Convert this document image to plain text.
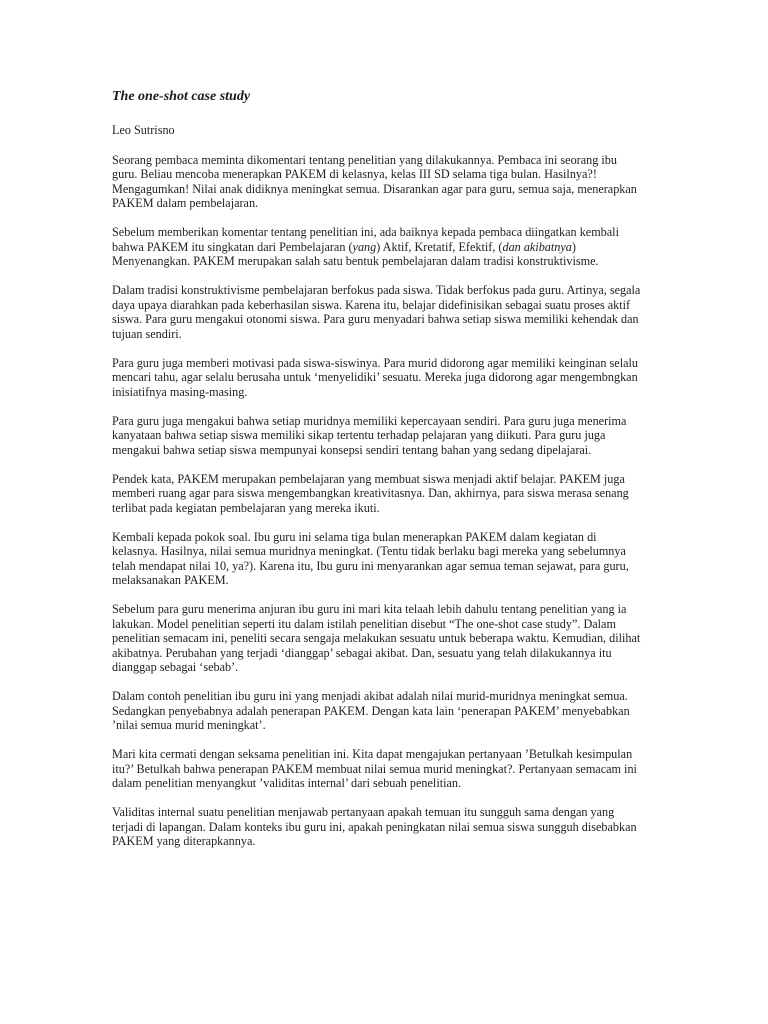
The one-shot case study
Leo Sutrisno

Seorang pembaca meminta dikomentari tentang penelitian yang dilakukannya. Pembaca ini seorang ibu guru. Beliau mencoba menerapkan PAKEM di kelasnya, kelas III SD selama tiga bulan. Hasilnya?! Mengagumkan! Nilai anak didiknya meningkat semua. Disarankan agar para guru, semua saja, menerapkan PAKEM dalam pembelajaran.

Sebelum memberikan komentar tentang penelitian ini, ada baiknya kepada pembaca diingatkan kembali bahwa PAKEM itu singkatan dari Pembelajaran (yang) Aktif, Kretatif, Efektif, (dan akibatnya) Menyenangkan. PAKEM merupakan salah satu bentuk pembelajaran dalam tradisi konstruktivisme.

Dalam tradisi konstruktivisme pembelajaran berfokus pada siswa. Tidak berfokus pada guru. Artinya, segala daya upaya diarahkan pada keberhasilan siswa. Karena itu, belajar didefinisikan sebagai suatu proses aktif siswa. Para guru mengakui otonomi siswa. Para guru menyadari bahwa setiap siswa memiliki kehendak dan tujuan sendiri.

Para guru juga memberi motivasi pada siswa-siswinya. Para murid didorong agar memiliki keinginan selalu mencari tahu, agar selalu berusaha untuk ‘menyelidiki’ sesuatu. Mereka juga didorong agar mengembngkan inisiatifnya masing-masing.

Para guru juga mengakui bahwa setiap muridnya memiliki kepercayaan sendiri. Para guru juga menerima kanyataan bahwa setiap siswa memiliki sikap tertentu terhadap pelajaran yang diikuti. Para guru juga mengakui bahwa setiap siswa mempunyai konsepsi sendiri tentang bahan yang sedang dipelajarai.

Pendek kata, PAKEM merupakan pembelajaran yang membuat siswa menjadi aktif belajar. PAKEM juga memberi ruang agar para siswa mengembangkan kreativitasnya. Dan, akhirnya, para siswa merasa senang terlibat pada kegiatan pembelajaran yang mereka ikuti.

Kembali kepada pokok soal. Ibu guru ini selama tiga bulan menerapkan PAKEM dalam kegiatan di kelasnya. Hasilnya, nilai semua muridnya meningkat. (Tentu tidak berlaku bagi mereka yang sebelumnya telah mendapat nilai 10, ya?). Karena itu, Ibu guru ini menyarankan agar semua teman sejawat, para guru, melaksanakan PAKEM.

Sebelum para guru menerima anjuran ibu guru ini mari kita telaah lebih dahulu tentang penelitian yang ia lakukan. Model penelitian seperti itu dalam istilah penelitian disebut “The one-shot case study”. Dalam penelitian semacam ini, peneliti secara sengaja melakukan sesuatu untuk beberapa waktu. Kemudian, dilihat akibatnya. Perubahan yang terjadi ‘dianggap’ sebagai akibat. Dan, sesuatu yang telah dilakukannya itu dianggap sebagai ‘sebab’.

Dalam contoh penelitian ibu guru ini yang menjadi akibat adalah nilai murid-muridnya meningkat semua. Sedangkan penyebabnya adalah penerapan PAKEM. Dengan kata lain ‘penerapan PAKEM’ menyebabkan ’nilai semua murid meningkat’.

Mari kita cermati dengan seksama penelitian ini. Kita dapat mengajukan pertanyaan ’Betulkah kesimpulan itu?’ Betulkah bahwa penerapan PAKEM membuat nilai semua murid meningkat?. Pertanyaan semacam ini dalam penelitian menyangkut ’validitas internal’ dari sebuah penelitian.

Validitas internal suatu penelitian menjawab pertanyaan apakah temuan itu sungguh sama dengan yang terjadi di lapangan. Dalam konteks ibu guru ini, apakah peningkatan nilai semua siswa sungguh disebabkan PAKEM yang diterapkannya.
